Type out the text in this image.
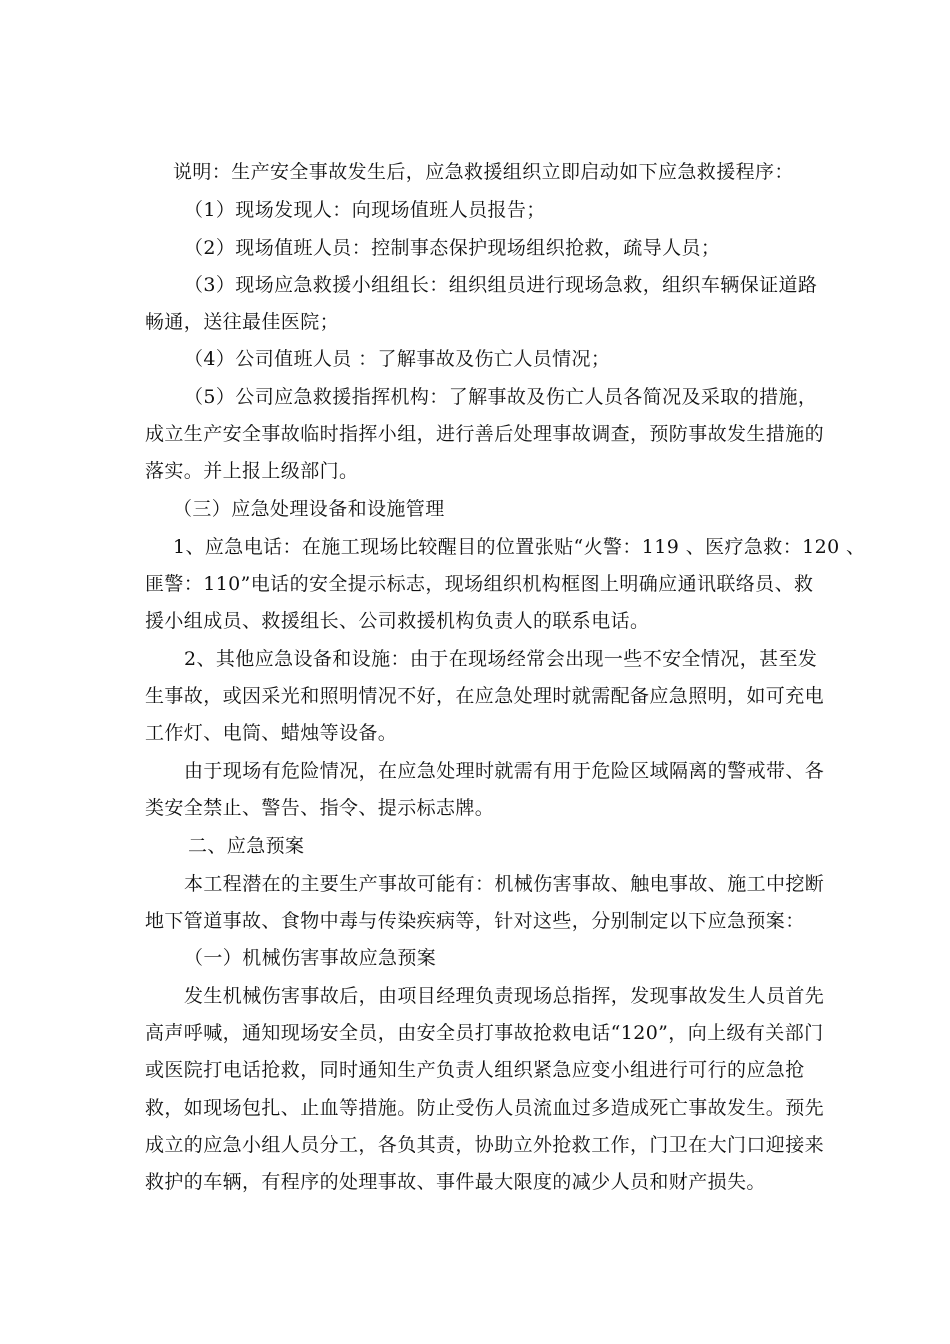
说明：生产安全事故发生后，应急救援组织立即启动如下应急救援程序：
（1）现场发现人：向现场值班人员报告；
（2）现场值班人员：控制事态保护现场组织抢救，疏导人员；
（3）现场应急救援小组组长：组织组员进行现场急救，组织车辆保证道路
畅通，送往最佳医院；
（4）公司值班人员 ：了解事故及伤亡人员情况；
（5）公司应急救援指挥机构：了解事故及伤亡人员各简况及采取的措施，
成立生产安全事故临时指挥小组，进行善后处理事故调查，预防事故发生措施的
落实。并上报上级部门。
（三）应急处理设备和设施管理
1、应急电话：在施工现场比较醒目的位置张贴“火警：119 、医疗急救：120 、
匪警：110”电话的安全提示标志，现场组织机构框图上明确应通讯联络员、救
援小组成员、救援组长、公司救援机构负责人的联系电话。
2、其他应急设备和设施：由于在现场经常会出现一些不安全情况，甚至发
生事故，或因采光和照明情况不好，在应急处理时就需配备应急照明，如可充电
工作灯、电筒、蜡烛等设备。
由于现场有危险情况，在应急处理时就需有用于危险区域隔离的警戒带、各
类安全禁止、警告、指令、提示标志牌。
二、应急预案
本工程潜在的主要生产事故可能有：机械伤害事故、触电事故、施工中挖断
地下管道事故、食物中毒与传染疾病等，针对这些，分别制定以下应急预案：
（一）机械伤害事故应急预案
发生机械伤害事故后，由项目经理负责现场总指挥，发现事故发生人员首先
高声呼喊，通知现场安全员，由安全员打事故抢救电话“120”，向上级有关部门
或医院打电话抢救，同时通知生产负责人组织紧急应变小组进行可行的应急抢
救，如现场包扎、止血等措施。防止受伤人员流血过多造成死亡事故发生。预先
成立的应急小组人员分工，各负其责，协助立外抢救工作，门卫在大门口迎接来
救护的车辆，有程序的处理事故、事件最大限度的减少人员和财产损失。
